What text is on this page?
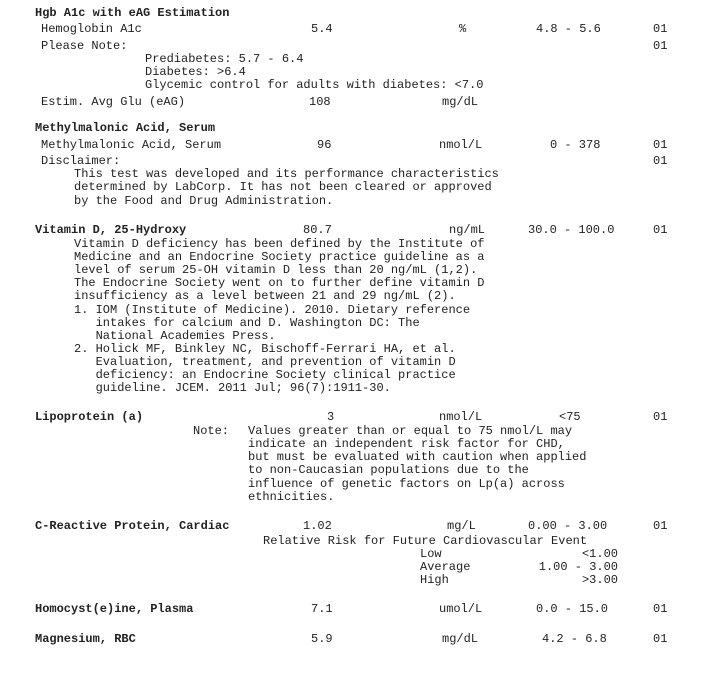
Hgb A1c with eAG Estimation
Hemoglobin A1c	5.4	%	4.8 - 5.6	01
Please Note:	01
Prediabetes: 5.7 - 6.4
Diabetes: >6.4
Glycemic control for adults with diabetes: <7.0
Estim. Avg Glu (eAG)	108	mg/dL
Methylmalonic Acid, Serum
Methylmalonic Acid, Serum	96	nmol/L	0 - 378	01
Disclaimer:	01
This test was developed and its performance characteristics
determined by LabCorp. It has not been cleared or approved
by the Food and Drug Administration.
Vitamin D, 25-Hydroxy	80.7	ng/mL	30.0 - 100.0	01
Vitamin D deficiency has been defined by the Institute of
Medicine and an Endocrine Society practice guideline as a
level of serum 25-OH vitamin D less than 20 ng/mL (1,2).
The Endocrine Society went on to further define vitamin D
insufficiency as a level between 21 and 29 ng/mL (2).
1. IOM (Institute of Medicine). 2010. Dietary reference
intakes for calcium and D. Washington DC: The
National Academies Press.
2. Holick MF, Binkley NC, Bischoff-Ferrari HA, et al.
Evaluation, treatment, and prevention of vitamin D
deficiency: an Endocrine Society clinical practice
guideline. JCEM. 2011 Jul; 96(7):1911-30.
Lipoprotein (a)	3	nmol/L	<75	01
Note: Values greater than or equal to 75 nmol/L may
indicate an independent risk factor for CHD,
but must be evaluated with caution when applied
to non-Caucasian populations due to the
influence of genetic factors on Lp(a) across
ethnicities.
C-Reactive Protein, Cardiac	1.02	mg/L	0.00 - 3.00	01
Relative Risk for Future Cardiovascular Event
Low	<1.00
Average	1.00 - 3.00
High	>3.00
Homocyst(e)ine, Plasma	7.1	umol/L	0.0 - 15.0	01
Magnesium, RBC	5.9	mg/dL	4.2 - 6.8	01
